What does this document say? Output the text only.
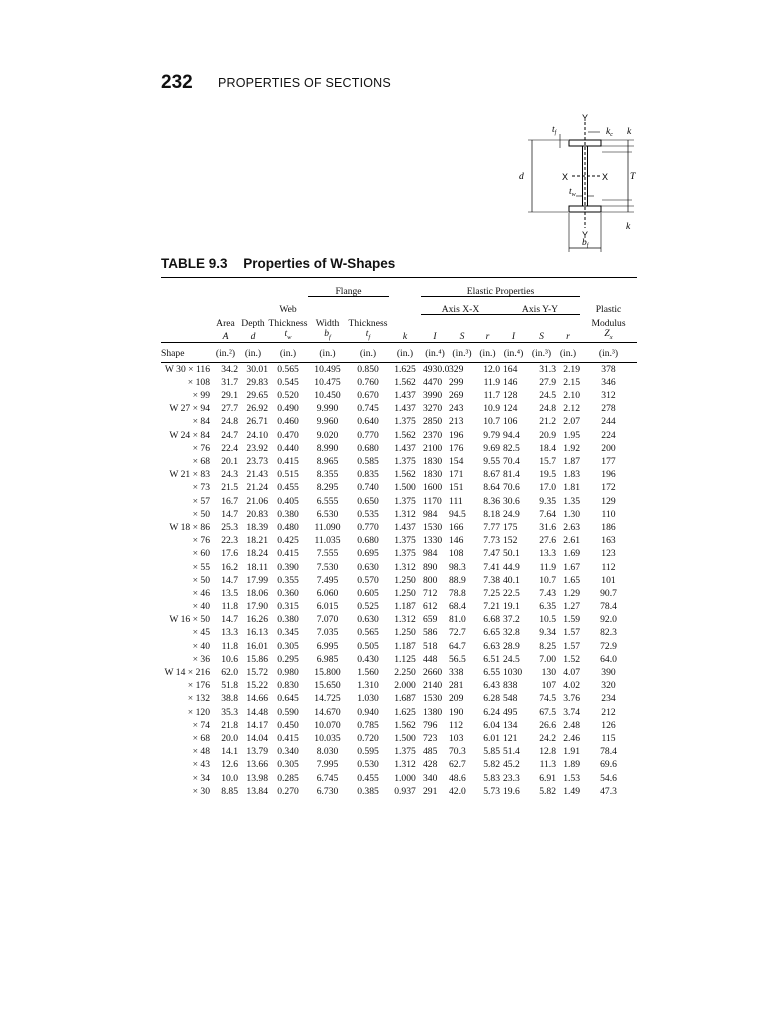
232 PROPERTIES OF SECTIONS
Y
Y
X	X
d	T
$t_f$
$t_w$
$k_c$ k
k
$b_f$
TABLE 9.3 Properties of W-Shapes
				Flange			Elastic Properties						
			Web				Axis X-X			Axis Y-Y			Plastic
	Area	Depth	Thickness	Width	Thickness								Modulus
	A	d	$t_w$	$b_f$	$t_f$	k	I	S	r	I	S	r	$Z_x$
Shape	(in.²)	(in.)	(in.)	(in.)	(in.)	(in.)	(in.⁴)	(in.³)	(in.)	(in.⁴)	(in.³)	(in.)	(in.³)
W 30 × 116	34.2	30.01	0.565	10.495	0.850	1.625	4930.0	329	12.0	164	31.3	2.19	378
× 108	31.7	29.83	0.545	10.475	0.760	1.562	4470	299	11.9	146	27.9	2.15	346
× 99	29.1	29.65	0.520	10.450	0.670	1.437	3990	269	11.7	128	24.5	2.10	312
W 27 × 94	27.7	26.92	0.490	9.990	0.745	1.437	3270	243	10.9	124	24.8	2.12	278
× 84	24.8	26.71	0.460	9.960	0.640	1.375	2850	213	10.7	106	21.2	2.07	244
W 24 × 84	24.7	24.10	0.470	9.020	0.770	1.562	2370	196	9.79	94.4	20.9	1.95	224
× 76	22.4	23.92	0.440	8.990	0.680	1.437	2100	176	9.69	82.5	18.4	1.92	200
× 68	20.1	23.73	0.415	8.965	0.585	1.375	1830	154	9.55	70.4	15.7	1.87	177
W 21 × 83	24.3	21.43	0.515	8.355	0.835	1.562	1830	171	8.67	81.4	19.5	1.83	196
× 73	21.5	21.24	0.455	8.295	0.740	1.500	1600	151	8.64	70.6	17.0	1.81	172
× 57	16.7	21.06	0.405	6.555	0.650	1.375	1170	111	8.36	30.6	9.35	1.35	129
× 50	14.7	20.83	0.380	6.530	0.535	1.312	984	94.5	8.18	24.9	7.64	1.30	110
W 18 × 86	25.3	18.39	0.480	11.090	0.770	1.437	1530	166	7.77	175	31.6	2.63	186
× 76	22.3	18.21	0.425	11.035	0.680	1.375	1330	146	7.73	152	27.6	2.61	163
× 60	17.6	18.24	0.415	7.555	0.695	1.375	984	108	7.47	50.1	13.3	1.69	123
× 55	16.2	18.11	0.390	7.530	0.630	1.312	890	98.3	7.41	44.9	11.9	1.67	112
× 50	14.7	17.99	0.355	7.495	0.570	1.250	800	88.9	7.38	40.1	10.7	1.65	101
× 46	13.5	18.06	0.360	6.060	0.605	1.250	712	78.8	7.25	22.5	7.43	1.29	90.7
× 40	11.8	17.90	0.315	6.015	0.525	1.187	612	68.4	7.21	19.1	6.35	1.27	78.4
W 16 × 50	14.7	16.26	0.380	7.070	0.630	1.312	659	81.0	6.68	37.2	10.5	1.59	92.0
× 45	13.3	16.13	0.345	7.035	0.565	1.250	586	72.7	6.65	32.8	9.34	1.57	82.3
× 40	11.8	16.01	0.305	6.995	0.505	1.187	518	64.7	6.63	28.9	8.25	1.57	72.9
× 36	10.6	15.86	0.295	6.985	0.430	1.125	448	56.5	6.51	24.5	7.00	1.52	64.0
W 14 × 216	62.0	15.72	0.980	15.800	1.560	2.250	2660	338	6.55	1030	130	4.07	390
× 176	51.8	15.22	0.830	15.650	1.310	2.000	2140	281	6.43	838	107	4.02	320
× 132	38.8	14.66	0.645	14.725	1.030	1.687	1530	209	6.28	548	74.5	3.76	234
× 120	35.3	14.48	0.590	14.670	0.940	1.625	1380	190	6.24	495	67.5	3.74	212
× 74	21.8	14.17	0.450	10.070	0.785	1.562	796	112	6.04	134	26.6	2.48	126
× 68	20.0	14.04	0.415	10.035	0.720	1.500	723	103	6.01	121	24.2	2.46	115
× 48	14.1	13.79	0.340	8.030	0.595	1.375	485	70.3	5.85	51.4	12.8	1.91	78.4
× 43	12.6	13.66	0.305	7.995	0.530	1.312	428	62.7	5.82	45.2	11.3	1.89	69.6
× 34	10.0	13.98	0.285	6.745	0.455	1.000	340	48.6	5.83	23.3	6.91	1.53	54.6
× 30	8.85	13.84	0.270	6.730	0.385	0.937	291	42.0	5.73	19.6	5.82	1.49	47.3
